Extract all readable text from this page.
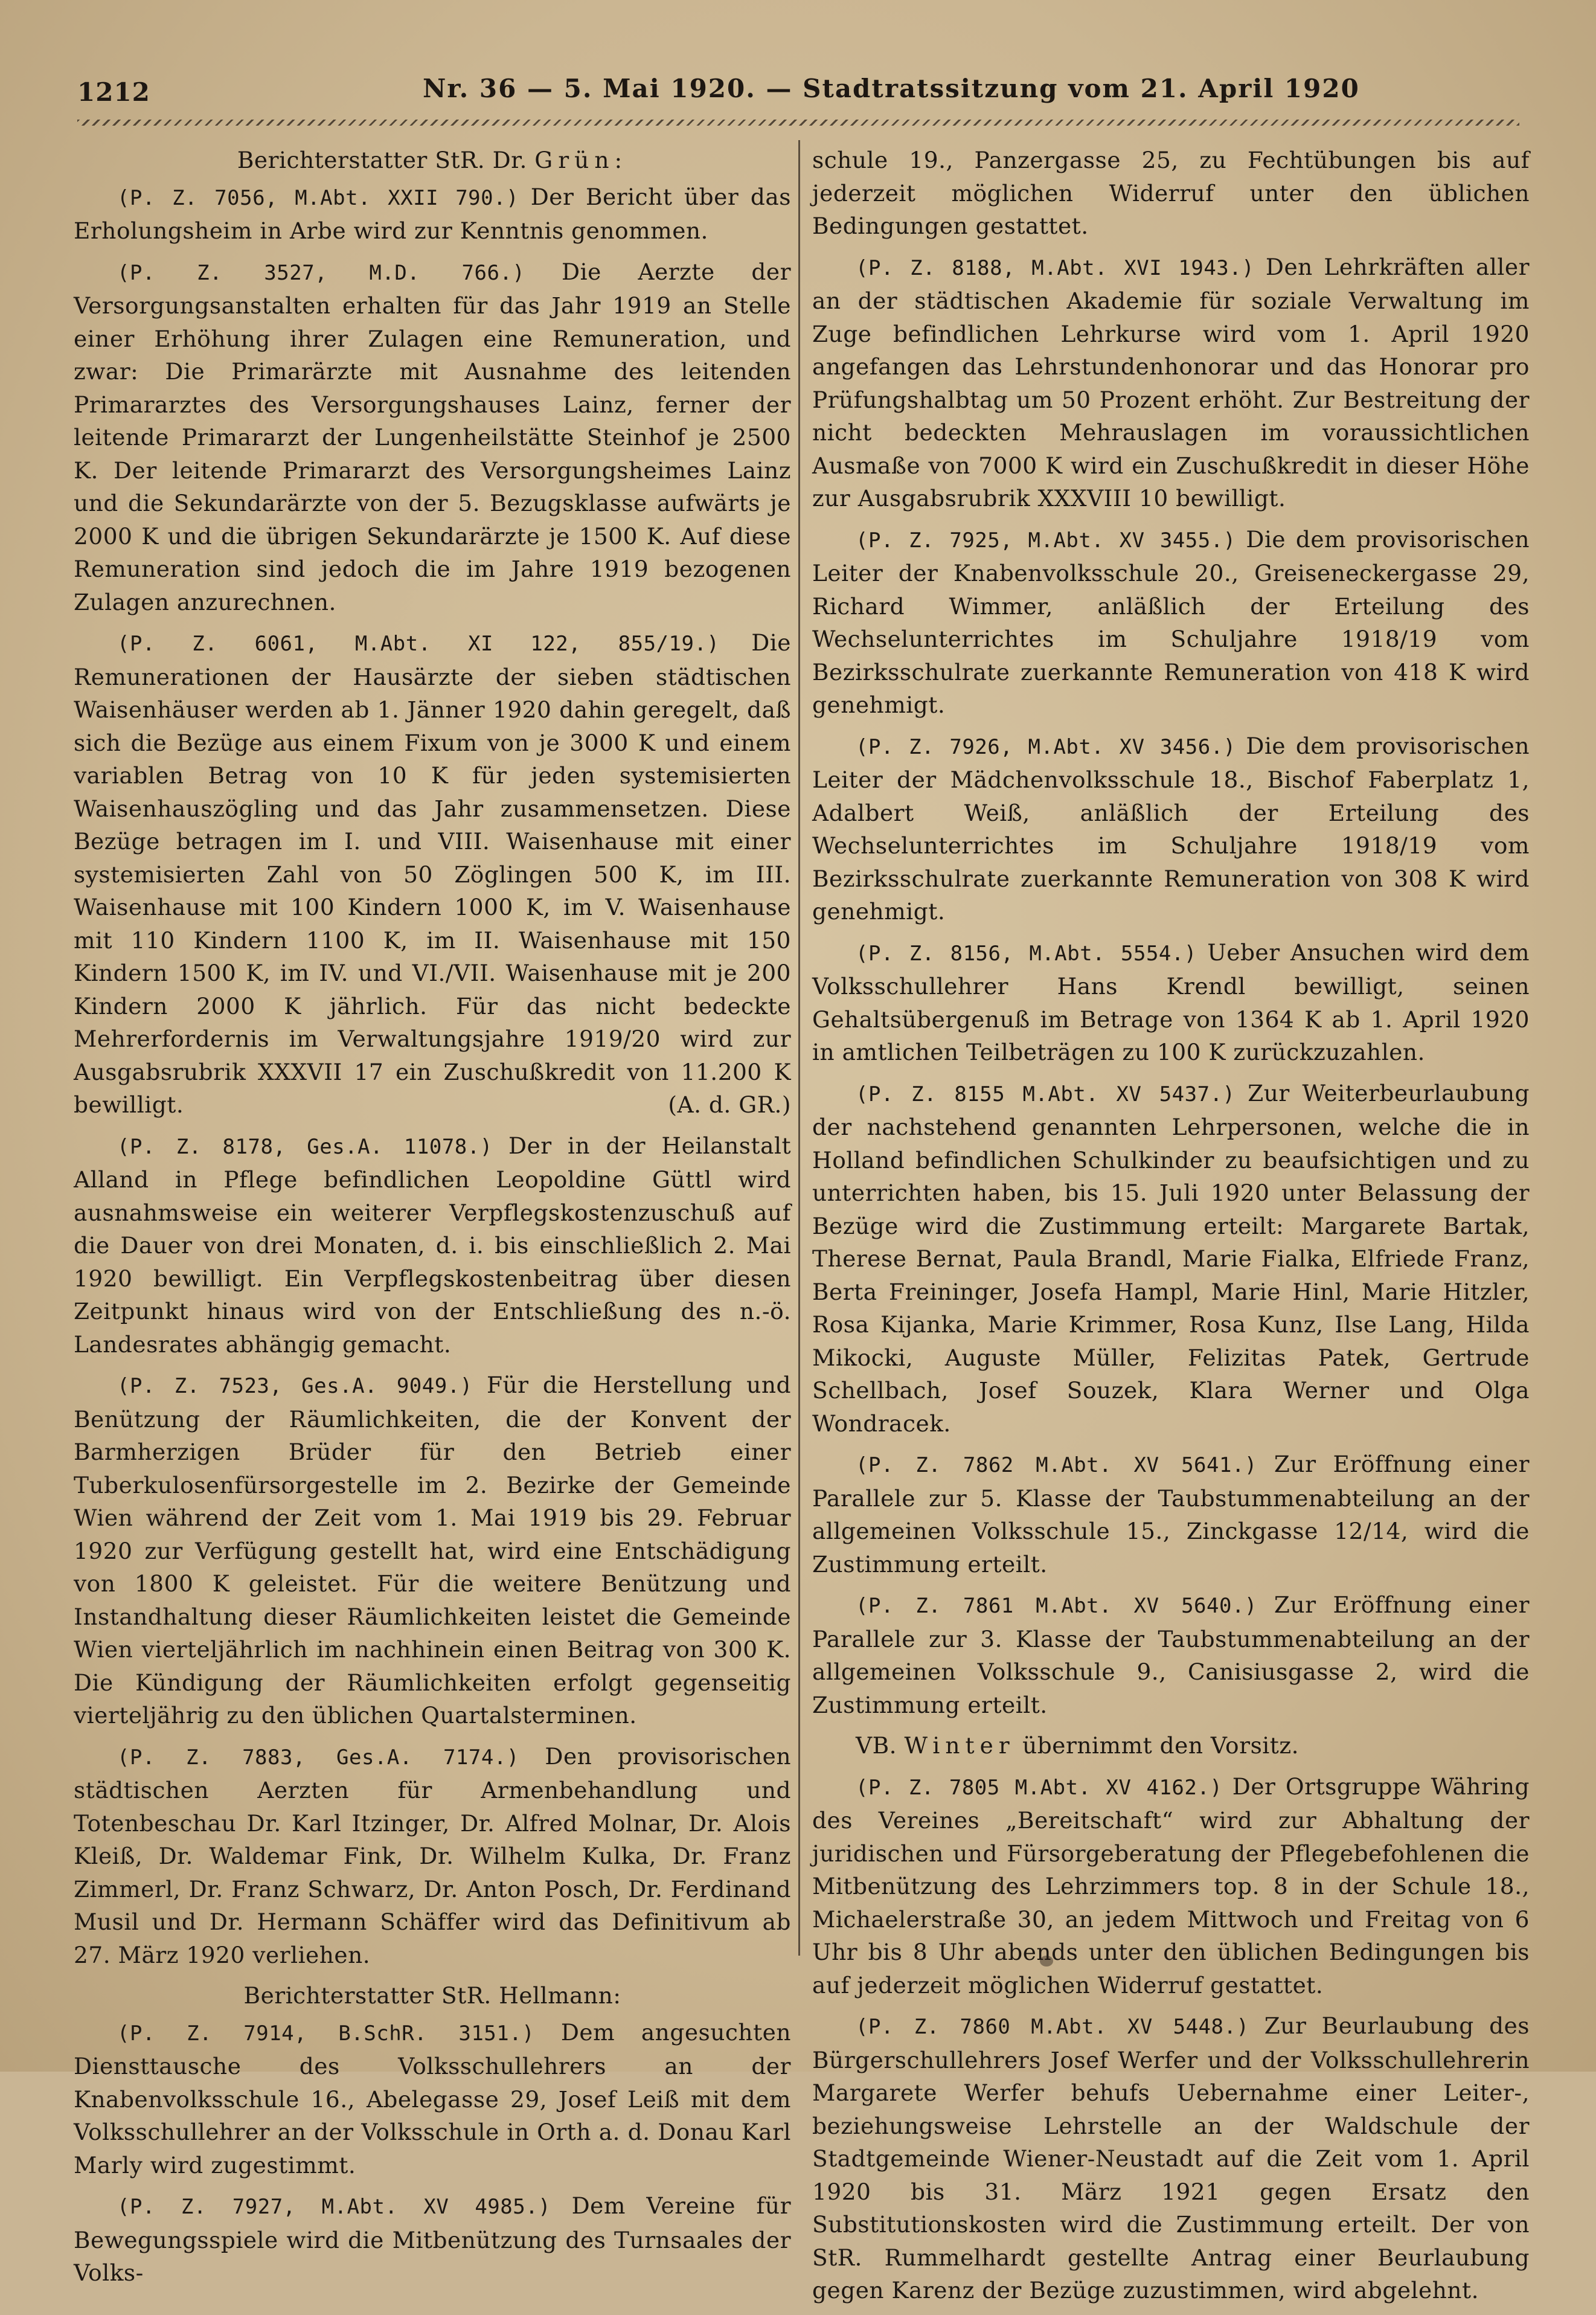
1212	Nr. 36 — 5. Mai 1920. — Stadtratssitzung vom 21. April 1920

Berichterstatter StR. Dr. Grün:

(P. Z. 7056, M.Abt. XXII 790.) Der Bericht über das Erholungsheim in Arbe wird zur Kenntnis genommen.

(P. Z. 3527, M.D. 766.) Die Aerzte der Versorgungsanstalten erhalten für das Jahr 1919 an Stelle einer Erhöhung ihrer Zulagen eine Remuneration, und zwar: Die Primarärzte mit Ausnahme des leitenden Primararztes des Versorgungshauses Lainz, ferner der leitende Primararzt der Lungenheilstätte Steinhof je 2500 K. Der leitende Primararzt des Versorgungsheimes Lainz und die Sekundarärzte von der 5. Bezugsklasse aufwärts je 2000 K und die übrigen Sekundarärzte je 1500 K. Auf diese Remuneration sind jedoch die im Jahre 1919 bezogenen Zulagen anzurechnen.

(P. Z. 6061, M.Abt. XI 122, 855/19.) Die Remunerationen der Hausärzte der sieben städtischen Waisenhäuser werden ab 1. Jänner 1920 dahin geregelt, daß sich die Bezüge aus einem Fixum von je 3000 K und einem variablen Betrag von 10 K für jeden systemisierten Waisenhauszögling und das Jahr zusammensetzen. Diese Bezüge betragen im I. und VIII. Waisenhause mit einer systemisierten Zahl von 50 Zöglingen 500 K, im III. Waisenhause mit 100 Kindern 1000 K, im V. Waisenhause mit 110 Kindern 1100 K, im II. Waisenhause mit 150 Kindern 1500 K, im IV. und VI./VII. Waisenhause mit je 200 Kindern 2000 K jährlich. Für das nicht bedeckte Mehrerfordernis im Verwaltungsjahre 1919/20 wird zur Ausgabsrubrik XXXVII 17 ein Zuschußkredit von 11.200 K bewilligt.	(A. d. GR.)

(P. Z. 8178, Ges.A. 11078.) Der in der Heilanstalt Alland in Pflege befindlichen Leopoldine Güttl wird ausnahmsweise ein weiterer Verpflegskostenzuschuß auf die Dauer von drei Monaten, d. i. bis einschließlich 2. Mai 1920 bewilligt. Ein Verpflegskostenbeitrag über diesen Zeitpunkt hinaus wird von der Entschließung des n.-ö. Landesrates abhängig gemacht.

(P. Z. 7523, Ges.A. 9049.) Für die Herstellung und Benützung der Räumlichkeiten, die der Konvent der Barmherzigen Brüder für den Betrieb einer Tuberkulosenfürsorgestelle im 2. Bezirke der Gemeinde Wien während der Zeit vom 1. Mai 1919 bis 29. Februar 1920 zur Verfügung gestellt hat, wird eine Entschädigung von 1800 K geleistet. Für die weitere Benützung und Instandhaltung dieser Räumlichkeiten leistet die Gemeinde Wien vierteljährlich im nachhinein einen Beitrag von 300 K. Die Kündigung der Räumlichkeiten erfolgt gegenseitig vierteljährig zu den üblichen Quartalsterminen.

(P. Z. 7883, Ges.A. 7174.) Den provisorischen städtischen Aerzten für Armenbehandlung und Totenbeschau Dr. Karl Itzinger, Dr. Alfred Molnar, Dr. Alois Kleiß, Dr. Waldemar Fink, Dr. Wilhelm Kulka, Dr. Franz Zimmerl, Dr. Franz Schwarz, Dr. Anton Posch, Dr. Ferdinand Musil und Dr. Hermann Schäffer wird das Definitivum ab 27. März 1920 verliehen.

Berichterstatter StR. Hellmann:

(P. Z. 7914, B.SchR. 3151.) Dem angesuchten Diensttausche des Volksschullehrers an der Knabenvolksschule 16., Abelegasse 29, Josef Leiß mit dem Volksschullehrer an der Volksschule in Orth a. d. Donau Karl Marly wird zugestimmt.

(P. Z. 7927, M.Abt. XV 4985.) Dem Vereine für Bewegungsspiele wird die Mitbenützung des Turnsaales der Volks-

schule 19., Panzergasse 25, zu Fechtübungen bis auf jederzeit möglichen Widerruf unter den üblichen Bedingungen gestattet.

(P. Z. 8188, M.Abt. XVI 1943.) Den Lehrkräften aller an der städtischen Akademie für soziale Verwaltung im Zuge befindlichen Lehrkurse wird vom 1. April 1920 angefangen das Lehrstundenhonorar und das Honorar pro Prüfungshalbtag um 50 Prozent erhöht. Zur Bestreitung der nicht bedeckten Mehrauslagen im voraussichtlichen Ausmaße von 7000 K wird ein Zuschußkredit in dieser Höhe zur Ausgabsrubrik XXXVIII 10 bewilligt.

(P. Z. 7925, M.Abt. XV 3455.) Die dem provisorischen Leiter der Knabenvolksschule 20., Greiseneckergasse 29, Richard Wimmer, anläßlich der Erteilung des Wechselunterrichtes im Schuljahre 1918/19 vom Bezirksschulrate zuerkannte Remuneration von 418 K wird genehmigt.

(P. Z. 7926, M.Abt. XV 3456.) Die dem provisorischen Leiter der Mädchenvolksschule 18., Bischof Faberplatz 1, Adalbert Weiß, anläßlich der Erteilung des Wechselunterrichtes im Schuljahre 1918/19 vom Bezirksschulrate zuerkannte Remuneration von 308 K wird genehmigt.

(P. Z. 8156, M.Abt. 5554.) Ueber Ansuchen wird dem Volksschullehrer Hans Krendl bewilligt, seinen Gehaltsübergenuß im Betrage von 1364 K ab 1. April 1920 in amtlichen Teilbeträgen zu 100 K zurückzuzahlen.

(P. Z. 8155 M.Abt. XV 5437.) Zur Weiterbeurlaubung der nachstehend genannten Lehrpersonen, welche die in Holland befindlichen Schulkinder zu beaufsichtigen und zu unterrichten haben, bis 15. Juli 1920 unter Belassung der Bezüge wird die Zustimmung erteilt: Margarete Bartak, Therese Bernat, Paula Brandl, Marie Fialka, Elfriede Franz, Berta Freininger, Josefa Hampl, Marie Hinl, Marie Hitzler, Rosa Kijanka, Marie Krimmer, Rosa Kunz, Ilse Lang, Hilda Mikocki, Auguste Müller, Felizitas Patek, Gertrude Schellbach, Josef Souzek, Klara Werner und Olga Wondracek.

(P. Z. 7862 M.Abt. XV 5641.) Zur Eröffnung einer Parallele zur 5. Klasse der Taubstummenabteilung an der allgemeinen Volksschule 15., Zinckgasse 12/14, wird die Zustimmung erteilt.

(P. Z. 7861 M.Abt. XV 5640.) Zur Eröffnung einer Parallele zur 3. Klasse der Taubstummenabteilung an der allgemeinen Volksschule 9., Canisiusgasse 2, wird die Zustimmung erteilt.

VB. Winter übernimmt den Vorsitz.

(P. Z. 7805 M.Abt. XV 4162.) Der Ortsgruppe Währing des Vereines „Bereitschaft“ wird zur Abhaltung der juridischen und Fürsorgeberatung der Pflegebefohlenen die Mitbenützung des Lehrzimmers top. 8 in der Schule 18., Michaelerstraße 30, an jedem Mittwoch und Freitag von 6 Uhr bis 8 Uhr abends unter den üblichen Bedingungen bis auf jederzeit möglichen Widerruf gestattet.

(P. Z. 7860 M.Abt. XV 5448.) Zur Beurlaubung des Bürgerschullehrers Josef Werfer und der Volksschullehrerin Margarete Werfer behufs Uebernahme einer Leiter-, beziehungsweise Lehrstelle an der Waldschule der Stadtgemeinde Wiener-Neustadt auf die Zeit vom 1. April 1920 bis 31. März 1921 gegen Ersatz den Substitutionskosten wird die Zustimmung erteilt. Der von StR. Rummelhardt gestellte Antrag einer Beurlaubung gegen Karenz der Bezüge zuzustimmen, wird abgelehnt.
